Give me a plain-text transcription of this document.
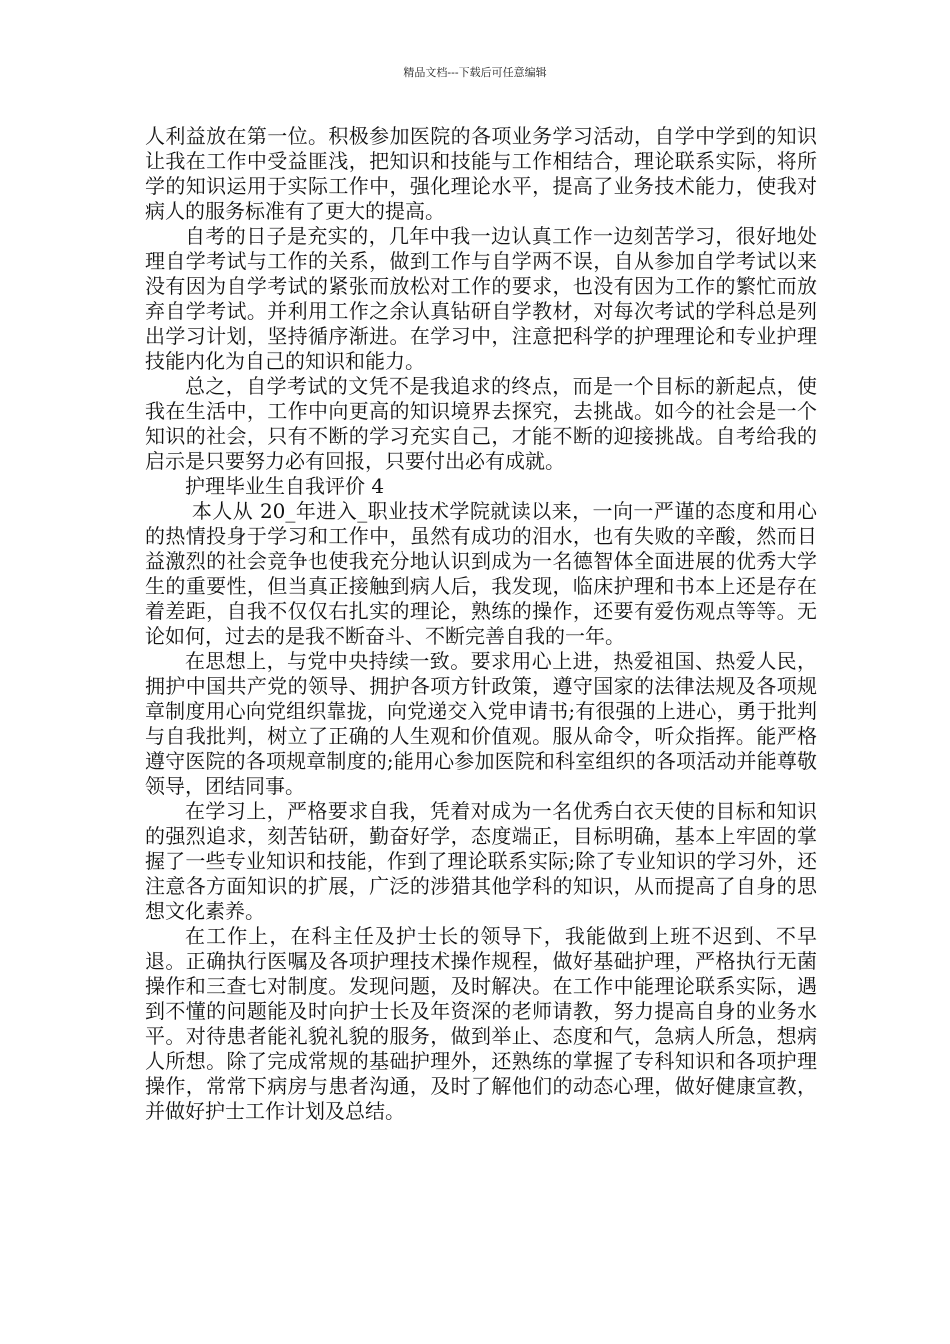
精品文档---下载后可任意编辑

人利益放在第一位。积极参加医院的各项业务学习活动，自学中学到的知识让我在工作中受益匪浅，把知识和技能与工作相结合，理论联系实际，将所学的知识运用于实际工作中，强化理论水平，提高了业务技术能力，使我对病人的服务标准有了更大的提高。

自考的日子是充实的，几年中我一边认真工作一边刻苦学习，很好地处理自学考试与工作的关系，做到工作与自学两不误，自从参加自学考试以来没有因为自学考试的紧张而放松对工作的要求，也没有因为工作的繁忙而放弃自学考试。并利用工作之余认真钻研自学教材，对每次考试的学科总是列出学习计划，坚持循序渐进。在学习中，注意把科学的护理理论和专业护理技能内化为自己的知识和能力。

总之，自学考试的文凭不是我追求的终点，而是一个目标的新起点，使我在生活中，工作中向更高的知识境界去探究，去挑战。如今的社会是一个知识的社会，只有不断的学习充实自己，才能不断的迎接挑战。自考给我的启示是只要努力必有回报，只要付出必有成就。

护理毕业生自我评价 4

本人从 20_年进入_职业技术学院就读以来，一向一严谨的态度和用心的热情投身于学习和工作中，虽然有成功的泪水，也有失败的辛酸，然而日益激烈的社会竞争也使我充分地认识到成为一名德智体全面进展的优秀大学生的重要性，但当真正接触到病人后，我发现，临床护理和书本上还是存在着差距，自我不仅仅右扎实的理论，熟练的操作，还要有爱伤观点等等。无论如何，过去的是我不断奋斗、不断完善自我的一年。

在思想上，与党中央持续一致。要求用心上进，热爱祖国、热爱人民，拥护中国共产党的领导、拥护各项方针政策，遵守国家的法律法规及各项规章制度用心向党组织靠拢，向党递交入党申请书;有很强的上进心，勇于批判与自我批判，树立了正确的人生观和价值观。服从命令，听众指挥。能严格遵守医院的各项规章制度的;能用心参加医院和科室组织的各项活动并能尊敬领导，团结同事。

在学习上，严格要求自我，凭着对成为一名优秀白衣天使的目标和知识的强烈追求，刻苦钻研，勤奋好学，态度端正，目标明确，基本上牢固的掌握了一些专业知识和技能，作到了理论联系实际;除了专业知识的学习外，还注意各方面知识的扩展，广泛的涉猎其他学科的知识，从而提高了自身的思想文化素养。

在工作上，在科主任及护士长的领导下，我能做到上班不迟到、不早退。正确执行医嘱及各项护理技术操作规程，做好基础护理，严格执行无菌操作和三查七对制度。发现问题，及时解决。在工作中能理论联系实际，遇到不懂的问题能及时向护士长及年资深的老师请教，努力提高自身的业务水平。对待患者能礼貌礼貌的服务，做到举止、态度和气，急病人所急，想病人所想。除了完成常规的基础护理外，还熟练的掌握了专科知识和各项护理操作，常常下病房与患者沟通，及时了解他们的动态心理，做好健康宣教，并做好护士工作计划及总结。
